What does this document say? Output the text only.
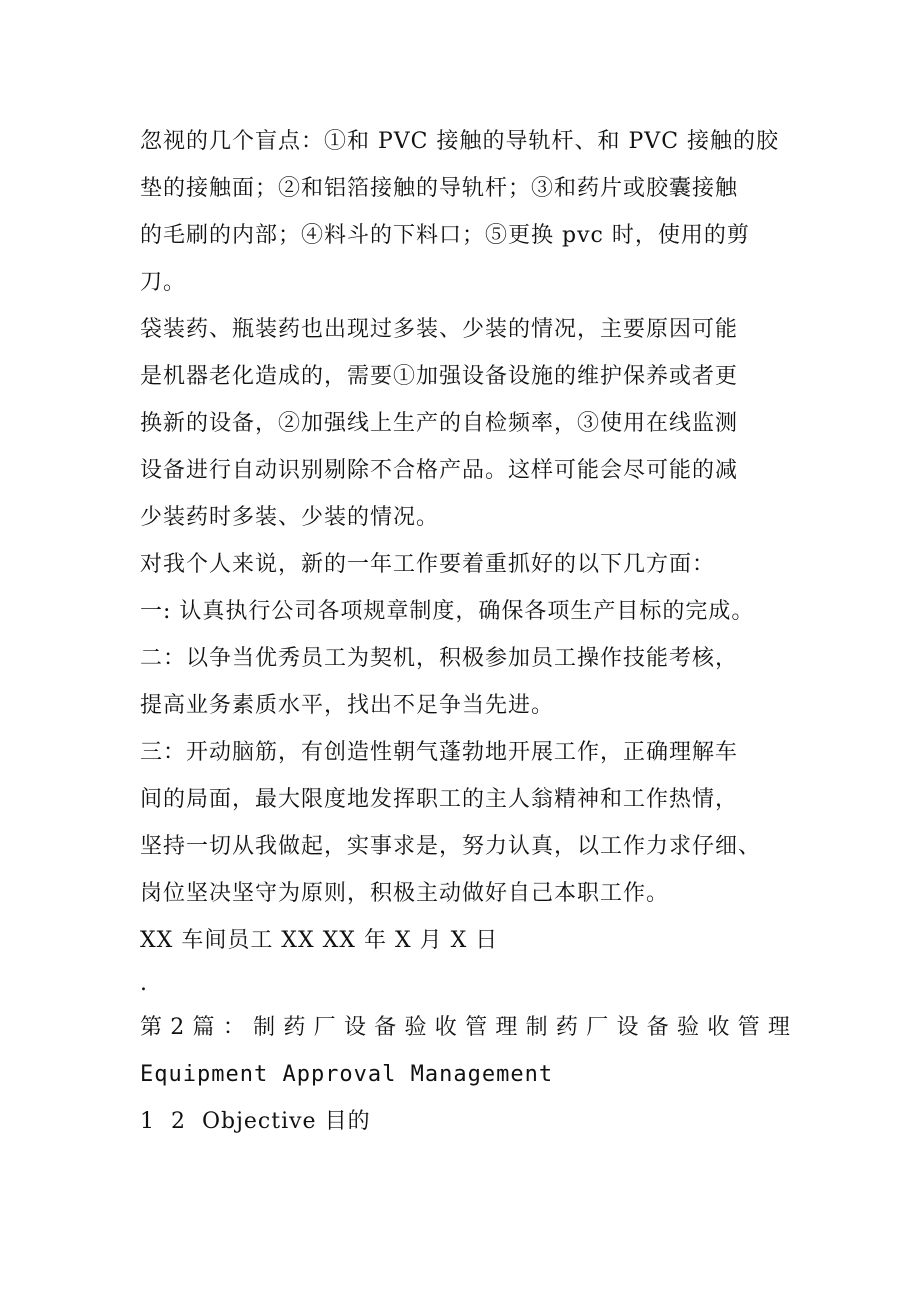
忽视的几个盲点：①和 PVC 接触的导轨杆、和 PVC 接触的胶
垫的接触面；②和铝箔接触的导轨杆；③和药片或胶囊接触
的毛刷的内部；④料斗的下料口；⑤更换 pvc 时，使用的剪
刀。
袋装药、瓶装药也出现过多装、少装的情况，主要原因可能
是机器老化造成的，需要①加强设备设施的维护保养或者更
换新的设备，②加强线上生产的自检频率，③使用在线监测
设备进行自动识别剔除不合格产品。这样可能会尽可能的减
少装药时多装、少装的情况。
对我个人来说，新的一年工作要着重抓好的以下几方面：
一: 认真执行公司各项规章制度，确保各项生产目标的完成。
二：以争当优秀员工为契机，积极参加员工操作技能考核，
提高业务素质水平，找出不足争当先进。
三：开动脑筋，有创造性朝气蓬勃地开展工作，正确理解车
间的局面，最大限度地发挥职工的主人翁精神和工作热情，
坚持一切从我做起，实事求是，努力认真，以工作力求仔细、
岗位坚决坚守为原则，积极主动做好自己本职工作。
XX 车间员工 XX XX 年 X 月 X 日
.
第 2 篇 ： 制 药 厂 设 备 验 收 管 理 制 药 厂 设 备 验 收 管 理
Equipment Approval Management
1  2  Objective 目的
